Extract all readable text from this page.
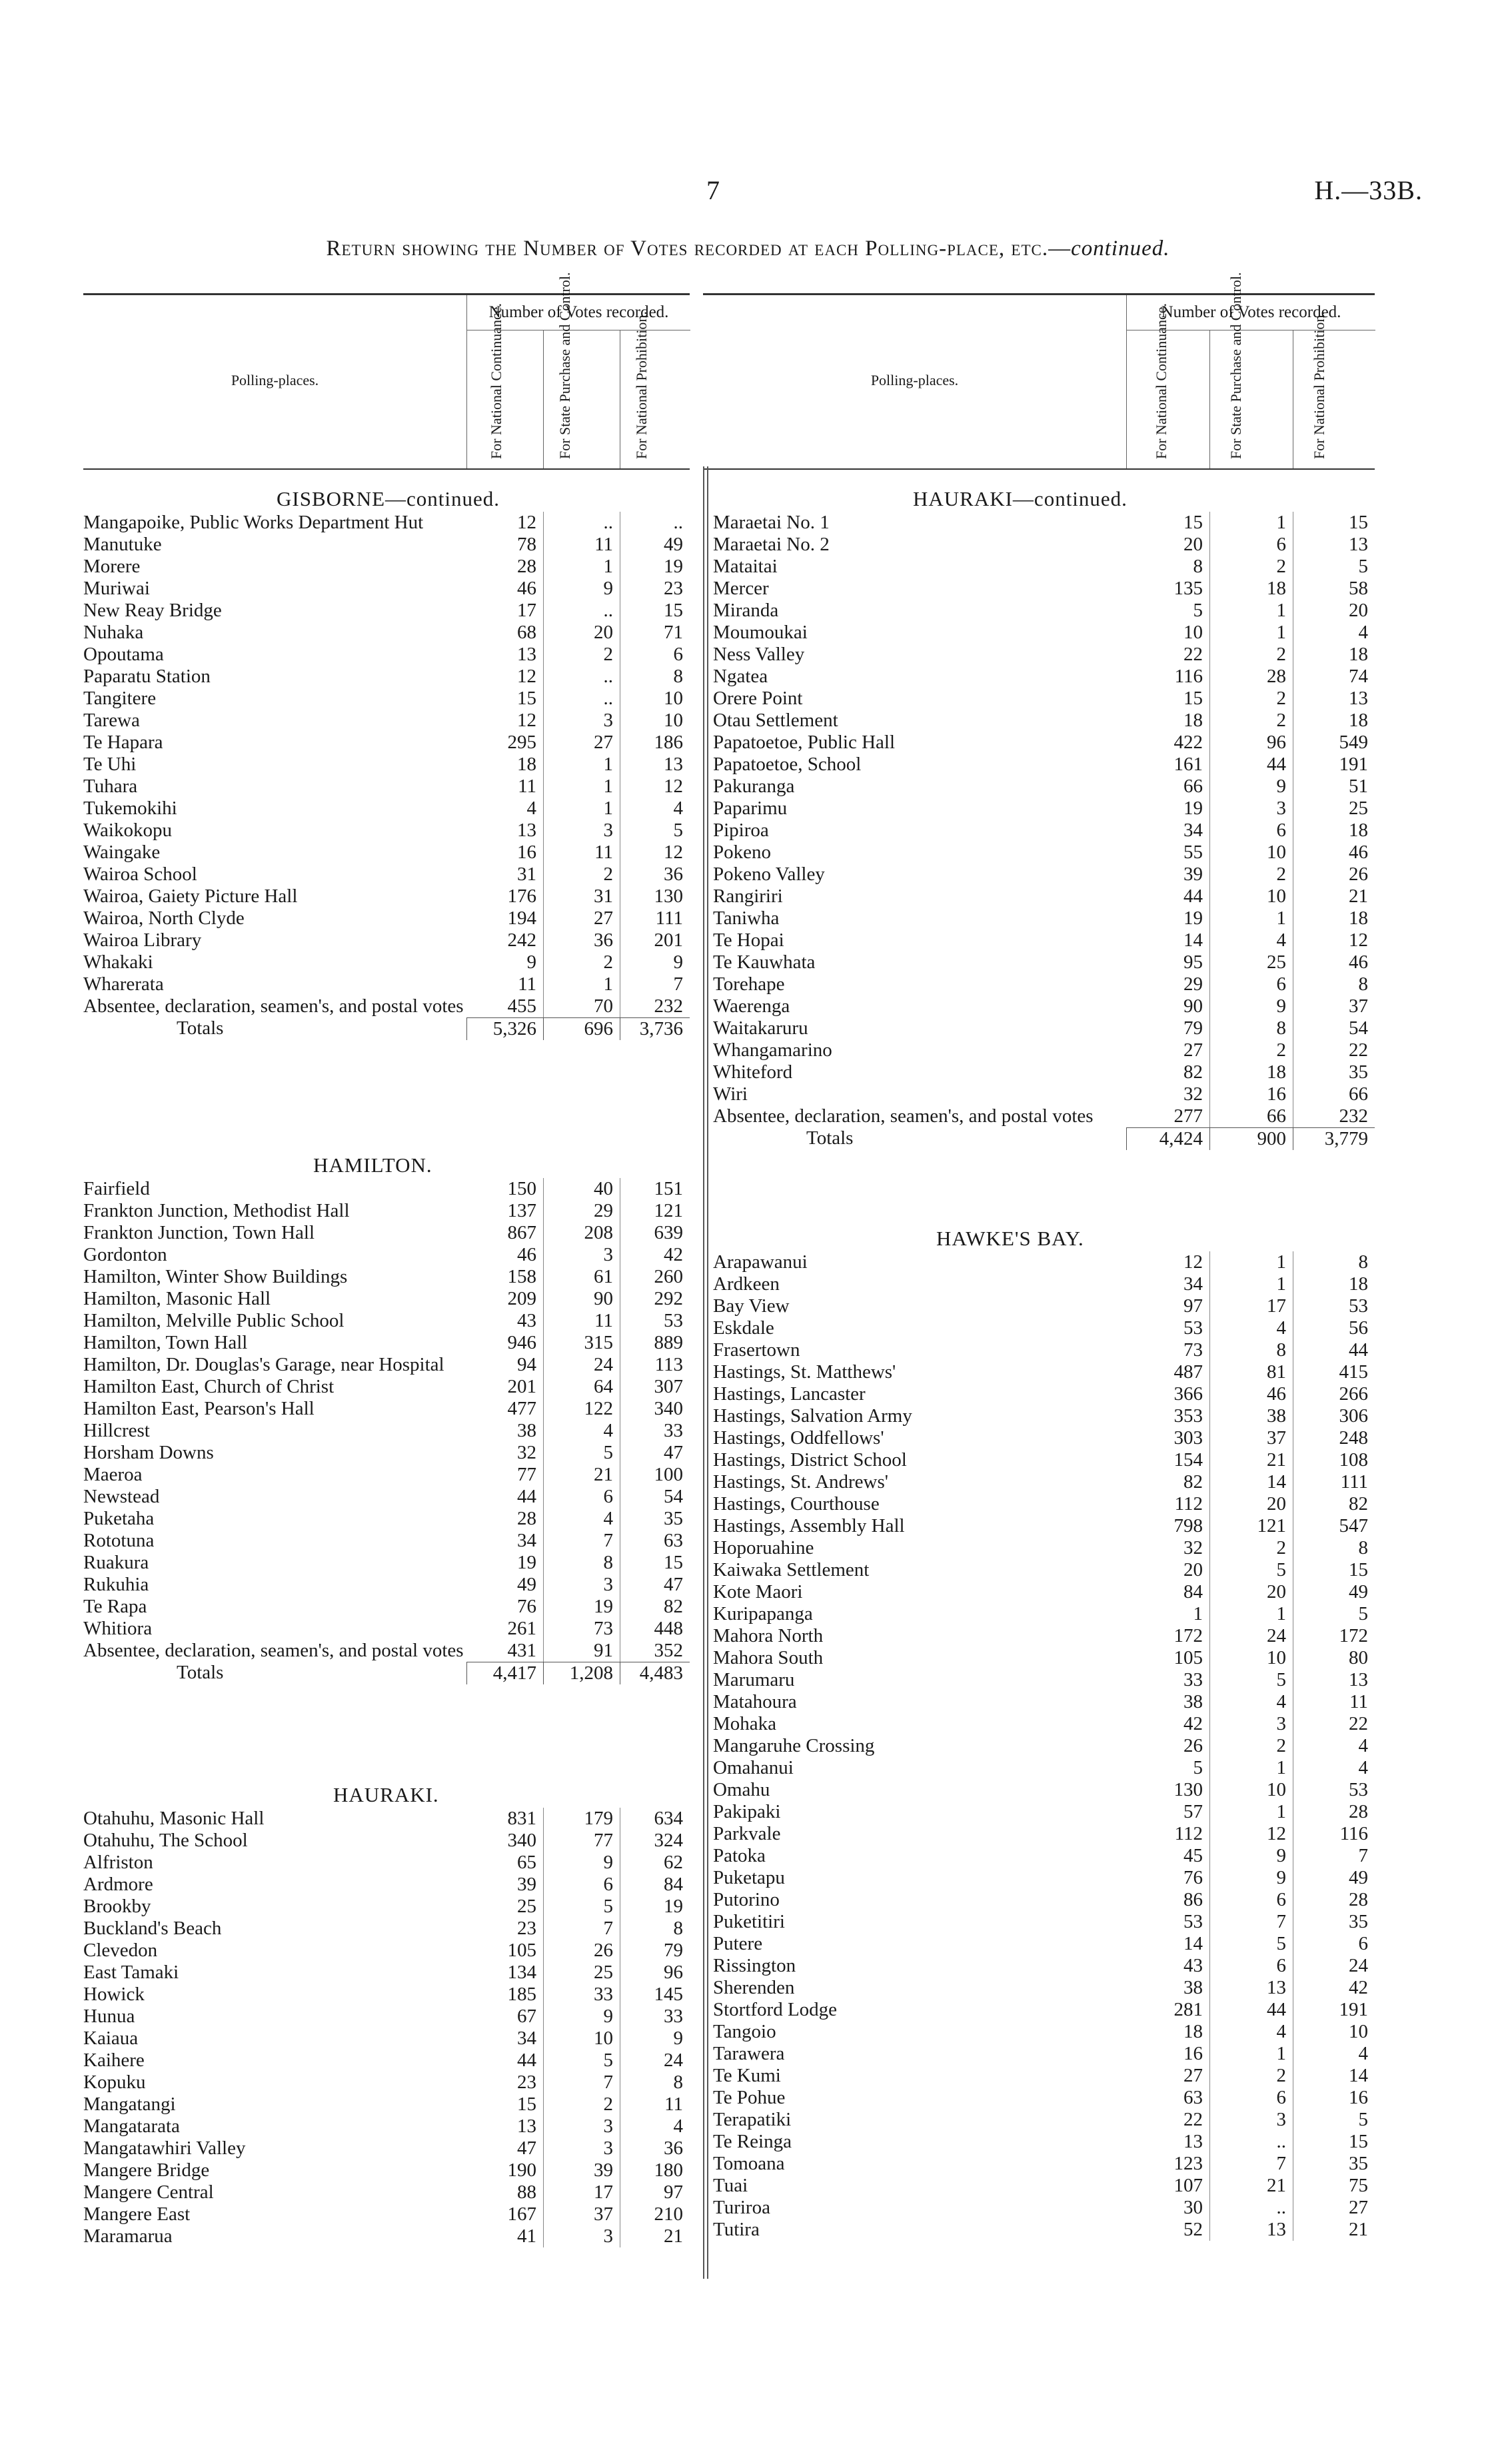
7	H.—33B.
Return showing the Number of Votes recorded at each Polling-place, etc.—continued.
Polling-places.
Number of Votes recorded.
For National Continuance.	For State Purchase and Control.	For National Prohibition.	Polling-places.
Number of Votes recorded.
For National Continuance.	For State Purchase and Control.	For National Prohibition.
GISBORNE—continued.
Mangapoike, Public Works Department Hut	12	..	..
Manutuke	78	11	49
Morere	28	1	19
Muriwai	46	9	23
New Reay Bridge	17	..	15
Nuhaka	68	20	71
Opoutama	13	2	6
Paparatu Station	12	..	8
Tangitere	15	..	10
Tarewa	12	3	10
Te Hapara	295	27	186
Te Uhi	18	1	13
Tuhara	11	1	12
Tukemokihi	4	1	4
Waikokopu	13	3	5
Waingake	16	11	12
Wairoa School	31	2	36
Wairoa, Gaiety Picture Hall	176	31	130
Wairoa, North Clyde	194	27	111
Wairoa Library	242	36	201
Whakaki	9	2	9
Wharerata	11	1	7
Absentee, declaration, seamen's, and postal votes	455	70	232
Totals	5,326	696	3,736
HAMILTON.
Fairfield	150	40	151
Frankton Junction, Methodist Hall	137	29	121
Frankton Junction, Town Hall	867	208	639
Gordonton	46	3	42
Hamilton, Winter Show Buildings	158	61	260
Hamilton, Masonic Hall	209	90	292
Hamilton, Melville Public School	43	11	53
Hamilton, Town Hall	946	315	889
Hamilton, Dr. Douglas's Garage, near Hospital	94	24	113
Hamilton East, Church of Christ	201	64	307
Hamilton East, Pearson's Hall	477	122	340
Hillcrest	38	4	33
Horsham Downs	32	5	47
Maeroa	77	21	100
Newstead	44	6	54
Puketaha	28	4	35
Rototuna	34	7	63
Ruakura	19	8	15
Rukuhia	49	3	47
Te Rapa	76	19	82
Whitiora	261	73	448
Absentee, declaration, seamen's, and postal votes	431	91	352
Totals	4,417	1,208	4,483
HAURAKI.
Otahuhu, Masonic Hall	831	179	634
Otahuhu, The School	340	77	324
Alfriston	65	9	62
Ardmore	39	6	84
Brookby	25	5	19
Buckland's Beach	23	7	8
Clevedon	105	26	79
East Tamaki	134	25	96
Howick	185	33	145
Hunua	67	9	33
Kaiaua	34	10	9
Kaihere	44	5	24
Kopuku	23	7	8
Mangatangi	15	2	11
Mangatarata	13	3	4
Mangatawhiri Valley	47	3	36
Mangere Bridge	190	39	180
Mangere Central	88	17	97
Mangere East	167	37	210
Maramarua	41	3	21
HAURAKI—continued.
Maraetai No. 1	15	1	15
Maraetai No. 2	20	6	13
Mataitai	8	2	5
Mercer	135	18	58
Miranda	5	1	20
Moumoukai	10	1	4
Ness Valley	22	2	18
Ngatea	116	28	74
Orere Point	15	2	13
Otau Settlement	18	2	18
Papatoetoe, Public Hall	422	96	549
Papatoetoe, School	161	44	191
Pakuranga	66	9	51
Paparimu	19	3	25
Pipiroa	34	6	18
Pokeno	55	10	46
Pokeno Valley	39	2	26
Rangiriri	44	10	21
Taniwha	19	1	18
Te Hopai	14	4	12
Te Kauwhata	95	25	46
Torehape	29	6	8
Waerenga	90	9	37
Waitakaruru	79	8	54
Whangamarino	27	2	22
Whiteford	82	18	35
Wiri	32	16	66
Absentee, declaration, seamen's, and postal votes	277	66	232
Totals	4,424	900	3,779
HAWKE'S BAY.
Arapawanui	12	1	8
Ardkeen	34	1	18
Bay View	97	17	53
Eskdale	53	4	56
Frasertown	73	8	44
Hastings, St. Matthews'	487	81	415
Hastings, Lancaster	366	46	266
Hastings, Salvation Army	353	38	306
Hastings, Oddfellows'	303	37	248
Hastings, District School	154	21	108
Hastings, St. Andrews'	82	14	111
Hastings, Courthouse	112	20	82
Hastings, Assembly Hall	798	121	547
Hoporuahine	32	2	8
Kaiwaka Settlement	20	5	15
Kote Maori	84	20	49
Kuripapanga	1	1	5
Mahora North	172	24	172
Mahora South	105	10	80
Marumaru	33	5	13
Matahoura	38	4	11
Mohaka	42	3	22
Mangaruhe Crossing	26	2	4
Omahanui	5	1	4
Omahu	130	10	53
Pakipaki	57	1	28
Parkvale	112	12	116
Patoka	45	9	7
Puketapu	76	9	49
Putorino	86	6	28
Puketitiri	53	7	35
Putere	14	5	6
Rissington	43	6	24
Sherenden	38	13	42
Stortford Lodge	281	44	191
Tangoio	18	4	10
Tarawera	16	1	4
Te Kumi	27	2	14
Te Pohue	63	6	16
Terapatiki	22	3	5
Te Reinga	13	..	15
Tomoana	123	7	35
Tuai	107	21	75
Turiroa	30	..	27
Tutira	52	13	21
